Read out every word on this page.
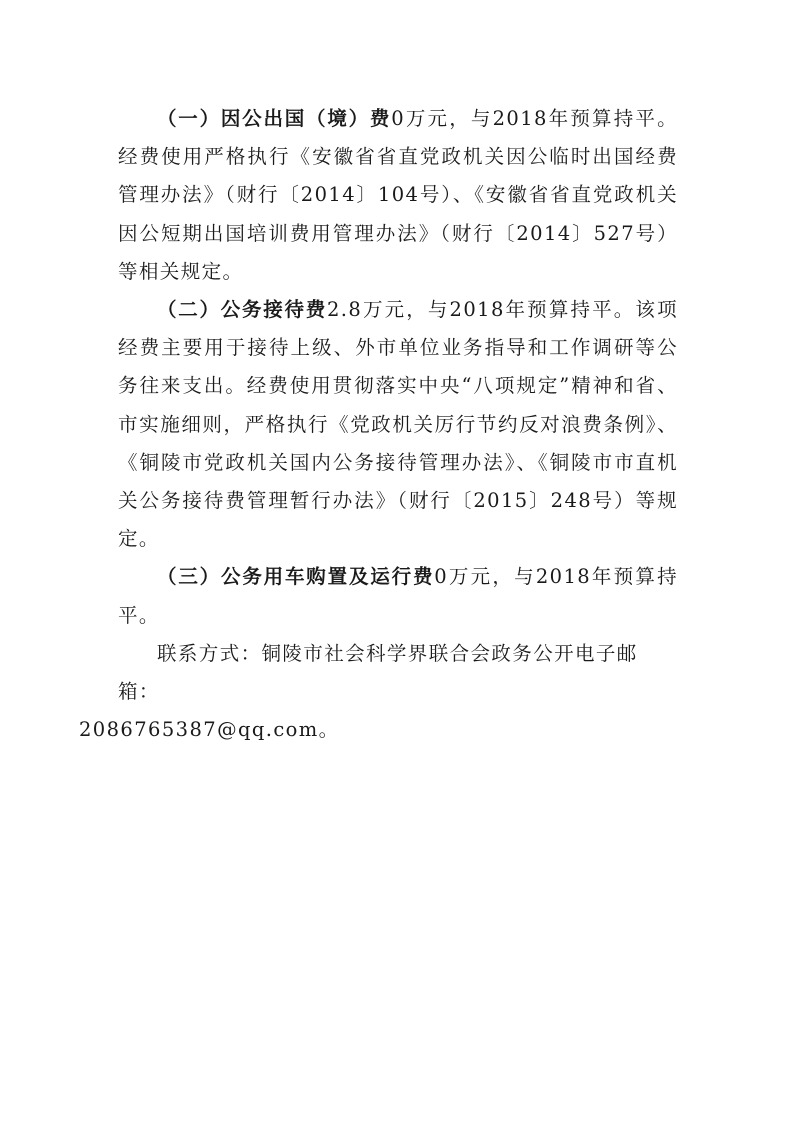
（一）因公出国（境）费0万元，与2018年预算持平。经费使用严格执行《安徽省省直党政机关因公临时出国经费管理办法》（财行〔2014〕104号）、《安徽省省直党政机关因公短期出国培训费用管理办法》（财行〔2014〕527号）等相关规定。

（二）公务接待费2.8万元，与2018年预算持平。该项经费主要用于接待上级、外市单位业务指导和工作调研等公务往来支出。经费使用贯彻落实中央“八项规定”精神和省、市实施细则，严格执行《党政机关厉行节约反对浪费条例》、《铜陵市党政机关国内公务接待管理办法》、《铜陵市市直机关公务接待费管理暂行办法》（财行〔2015〕248号）等规定。

（三）公务用车购置及运行费0万元，与2018年预算持平。

联系方式：铜陵市社会科学界联合会政务公开电子邮箱：
2086765387@qq.com。
